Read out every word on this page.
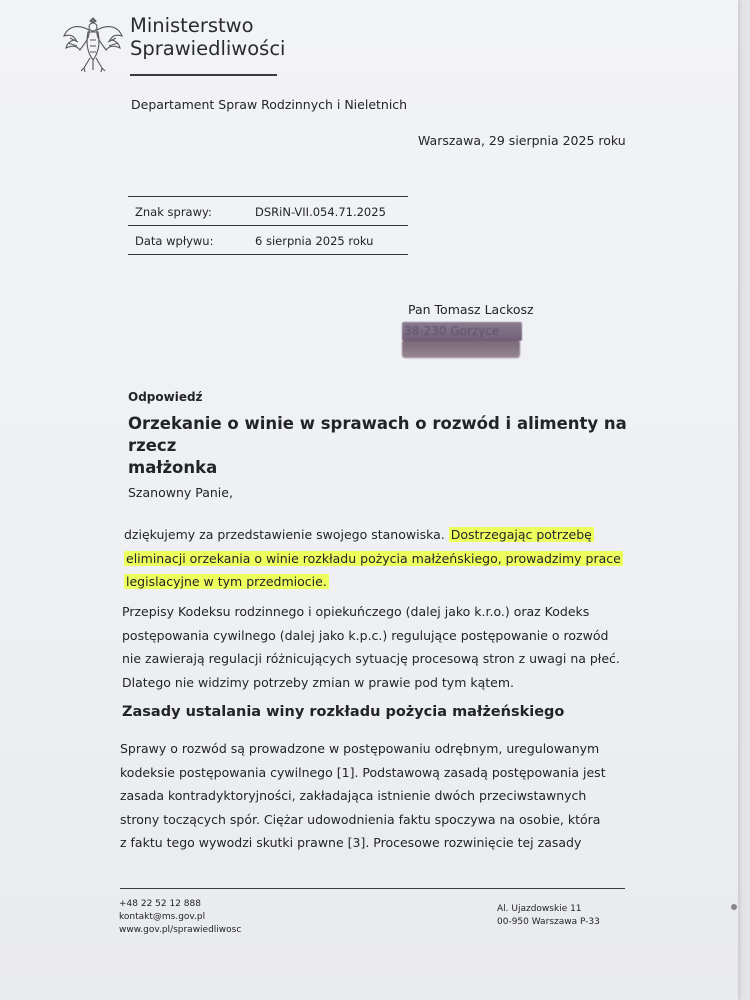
Ministerstwo
Sprawiedliwości
Departament Spraw Rodzinnych i Nieletnich
Warszawa, 29 sierpnia 2025 roku
Znak sprawy:	DSRiN-VII.054.71.2025
Data wpływu:	6 sierpnia 2025 roku
Pan Tomasz Lackosz
38-230 Gorzyce
Odpowiedź
Orzekanie o winie w sprawach o rozwód i alimenty na rzecz
małżonka
Szanowny Panie,
dziękujemy za przedstawienie swojego stanowiska. Dostrzegając potrzebę
eliminacji orzekania o winie rozkładu pożycia małżeńskiego, prowadzimy prace
legislacyjne w tym przedmiocie.
Przepisy Kodeksu rodzinnego i opiekuńczego (dalej jako k.r.o.) oraz Kodeks
postępowania cywilnego (dalej jako k.p.c.) regulujące postępowanie o rozwód
nie zawierają regulacji różnicujących sytuację procesową stron z uwagi na płeć.
Dlatego nie widzimy potrzeby zmian w prawie pod tym kątem.
Zasady ustalania winy rozkładu pożycia małżeńskiego
Sprawy o rozwód są prowadzone w postępowaniu odrębnym, uregulowanym
kodeksie postępowania cywilnego [1]. Podstawową zasadą postępowania jest
zasada kontradyktoryjności, zakładająca istnienie dwóch przeciwstawnych
strony toczących spór. Ciężar udowodnienia faktu spoczywa na osobie, która
z faktu tego wywodzi skutki prawne [3]. Procesowe rozwinięcie tej zasady
+48 22 52 12 888
kontakt@ms.gov.pl
www.gov.pl/sprawiedliwosc
Al. Ujazdowskie 11
00-950 Warszawa P-33
